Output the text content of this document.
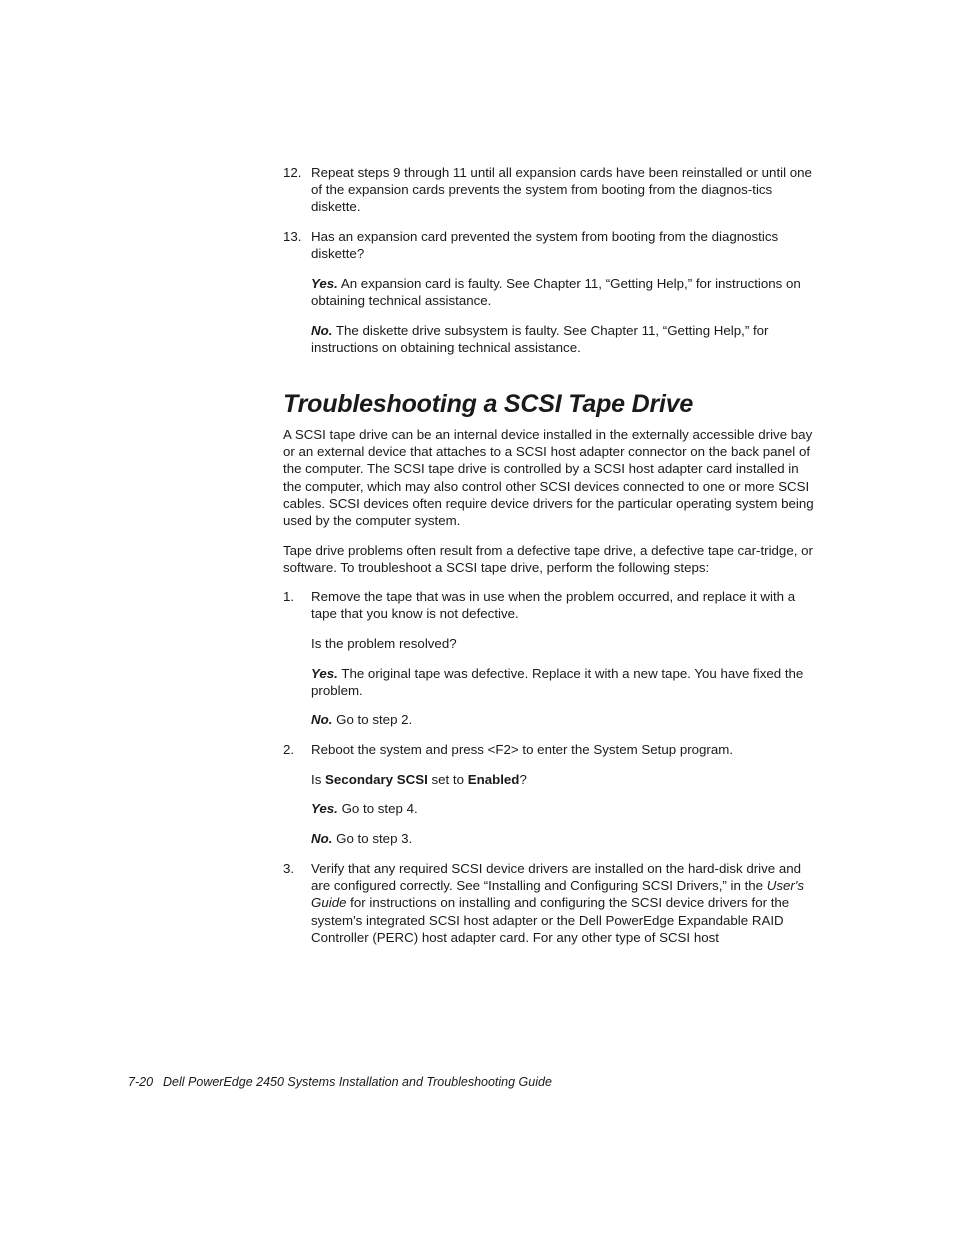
12. Repeat steps 9 through 11 until all expansion cards have been reinstalled or until one of the expansion cards prevents the system from booting from the diagnos-tics diskette.

13. Has an expansion card prevented the system from booting from the diagnostics diskette?

Yes. An expansion card is faulty. See Chapter 11, “Getting Help,” for instructions on obtaining technical assistance.

No. The diskette drive subsystem is faulty. See Chapter 11, “Getting Help,” for instructions on obtaining technical assistance.

Troubleshooting a SCSI Tape Drive

A SCSI tape drive can be an internal device installed in the externally accessible drive bay or an external device that attaches to a SCSI host adapter connector on the back panel of the computer. The SCSI tape drive is controlled by a SCSI host adapter card installed in the computer, which may also control other SCSI devices connected to one or more SCSI cables. SCSI devices often require device drivers for the particular operating system being used by the computer system.

Tape drive problems often result from a defective tape drive, a defective tape car-tridge, or software. To troubleshoot a SCSI tape drive, perform the following steps:

1. Remove the tape that was in use when the problem occurred, and replace it with a tape that you know is not defective.

Is the problem resolved?

Yes. The original tape was defective. Replace it with a new tape. You have fixed the problem.

No. Go to step 2.

2. Reboot the system and press <F2> to enter the System Setup program.

Is Secondary SCSI set to Enabled?

Yes. Go to step 4.

No. Go to step 3.

3. Verify that any required SCSI device drivers are installed on the hard-disk drive and are configured correctly. See “Installing and Configuring SCSI Drivers,” in the User's Guide for instructions on installing and configuring the SCSI device drivers for the system's integrated SCSI host adapter or the Dell PowerEdge Expandable RAID Controller (PERC) host adapter card. For any other type of SCSI host

7-20 Dell PowerEdge 2450 Systems Installation and Troubleshooting Guide
